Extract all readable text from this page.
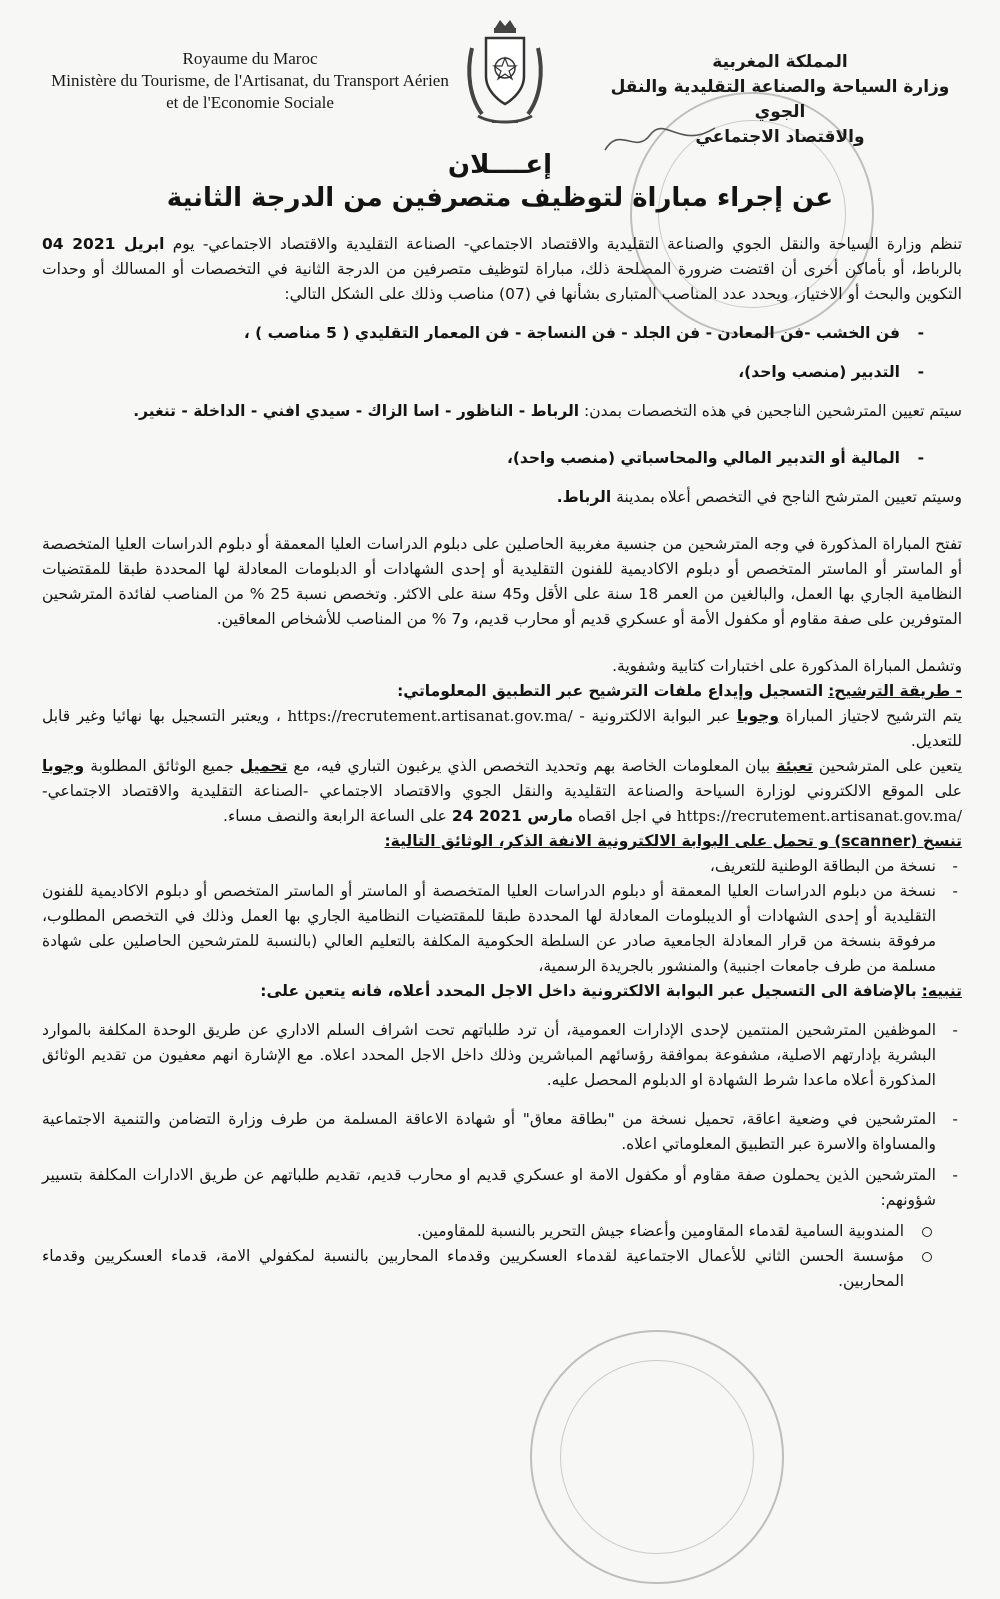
Royaume du Maroc
Ministère du Tourisme, de l'Artisanat, du Transport Aérien
et de l'Economie Sociale
المملكة المغربية
وزارة السياحة والصناعة التقليدية والنقل الجوي
والاقتصاد الاجتماعي
إعــــلان
عن إجراء مباراة لتوظيف متصرفين من الدرجة الثانية

تنظم وزارة السياحة والنقل الجوي والصناعة التقليدية والاقتصاد الاجتماعي- الصناعة التقليدية والاقتصاد الاجتماعي- يوم 04 ابريل 2021 بالرباط، أو بأماكن أخرى أن اقتضت ضرورة المصلحة ذلك، مباراة لتوظيف متصرفين من الدرجة الثانية في التخصصات أو المسالك أو وحدات التكوين والبحث أو الاختيار، ويحدد عدد المناصب المتبارى بشأنها في (07) مناصب وذلك على الشكل التالي:

- فن الخشب -فن المعادن - فن الجلد - فن النساجة - فن المعمار التقليدي ( 5 مناصب ) ،

- التدبير (منصب واحد)،

سيتم تعيين المترشحين الناجحين في هذه التخصصات بمدن: الرباط - الناظور - اسا الزاك - سيدي افني - الداخلة - تنغير.

- المالية أو التدبير المالي والمحاسباتي (منصب واحد)،

وسيتم تعيين المترشح الناجح في التخصص أعلاه بمدينة الرباط.

تفتح المباراة المذكورة في وجه المترشحين من جنسية مغربية الحاصلين على دبلوم الدراسات العليا المعمقة أو دبلوم الدراسات العليا المتخصصة أو الماستر أو الماستر المتخصص أو دبلوم الاكاديمية للفنون التقليدية أو إحدى الشهادات أو الدبلومات المعادلة لها المحددة طبقا للمقتضيات النظامية الجاري بها العمل، والبالغين من العمر 18 سنة على الأقل و45 سنة على الاكثر. وتخصص نسبة 25 % من المناصب لفائدة المترشحين المتوفرين على صفة مقاوم أو مكفول الأمة أو عسكري قديم أو محارب قديم، و7 % من المناصب للأشخاص المعاقين.

وتشمل المباراة المذكورة على اختبارات كتابية وشفوية.

- طريقة الترشيح: التسجيل وإيداع ملفات الترشيح عبر التطبيق المعلوماتي:

يتم الترشيح لاجتياز المباراة وجوبا عبر البوابة الالكترونية - https://recrutement.artisanat.gov.ma/ ، ويعتبر التسجيل بها نهائيا وغير قابل للتعديل.

يتعين على المترشحين تعبئة بيان المعلومات الخاصة بهم وتحديد التخصص الذي يرغبون التباري فيه، مع تحميل جميع الوثائق المطلوبة وجوبا على الموقع الالكتروني لوزارة السياحة والصناعة التقليدية والنقل الجوي والاقتصاد الاجتماعي -الصناعة التقليدية والاقتصاد الاجتماعي- https://recrutement.artisanat.gov.ma/ في اجل اقصاه 24 مارس 2021 على الساعة الرابعة والنصف مساء.

تنسخ (scanner) و تحمل على البوابة الالكترونية الانفة الذكر، الوثائق التالية:

- نسخة من البطاقة الوطنية للتعريف،

- نسخة من دبلوم الدراسات العليا المعمقة أو دبلوم الدراسات العليا المتخصصة أو الماستر أو الماستر المتخصص أو دبلوم الاكاديمية للفنون التقليدية أو إحدى الشهادات أو الديبلومات المعادلة لها المحددة طبقا للمقتضيات النظامية الجاري بها العمل وذلك في التخصص المطلوب، مرفوقة بنسخة من قرار المعادلة الجامعية صادر عن السلطة الحكومية المكلفة بالتعليم العالي (بالنسبة للمترشحين الحاصلين على شهادة مسلمة من طرف جامعات اجنبية) والمنشور بالجريدة الرسمية،

تنبيه: بالإضافة الى التسجيل عبر البوابة الالكترونية داخل الاجل المحدد أعلاه، فانه يتعين على:

- الموظفين المترشحين المنتمين لإحدى الإدارات العمومية، أن ترد طلباتهم تحت اشراف السلم الاداري عن طريق الوحدة المكلفة بالموارد البشرية بإدارتهم الاصلية، مشفوعة بموافقة رؤسائهم المباشرين وذلك داخل الاجل المحدد اعلاه. مع الإشارة انهم معفيون من تقديم الوثائق المذكورة أعلاه ماعدا شرط الشهادة او الدبلوم المحصل عليه.

- المترشحين في وضعية اعاقة، تحميل نسخة من "بطاقة معاق" أو شهادة الاعاقة المسلمة من طرف وزارة التضامن والتنمية الاجتماعية والمساواة والاسرة عبر التطبيق المعلوماتي اعلاه.

- المترشحين الذين يحملون صفة مقاوم أو مكفول الامة او عسكري قديم او محارب قديم، تقديم طلباتهم عن طريق الادارات المكلفة بتسيير شؤونهم:

المندوبية السامية لقدماء المقاومين وأعضاء جيش التحرير بالنسبة للمقاومين.

مؤسسة الحسن الثاني للأعمال الاجتماعية لقدماء العسكريين وقدماء المحاربين بالنسبة لمكفولي الامة، قدماء العسكريين وقدماء المحاربين.
